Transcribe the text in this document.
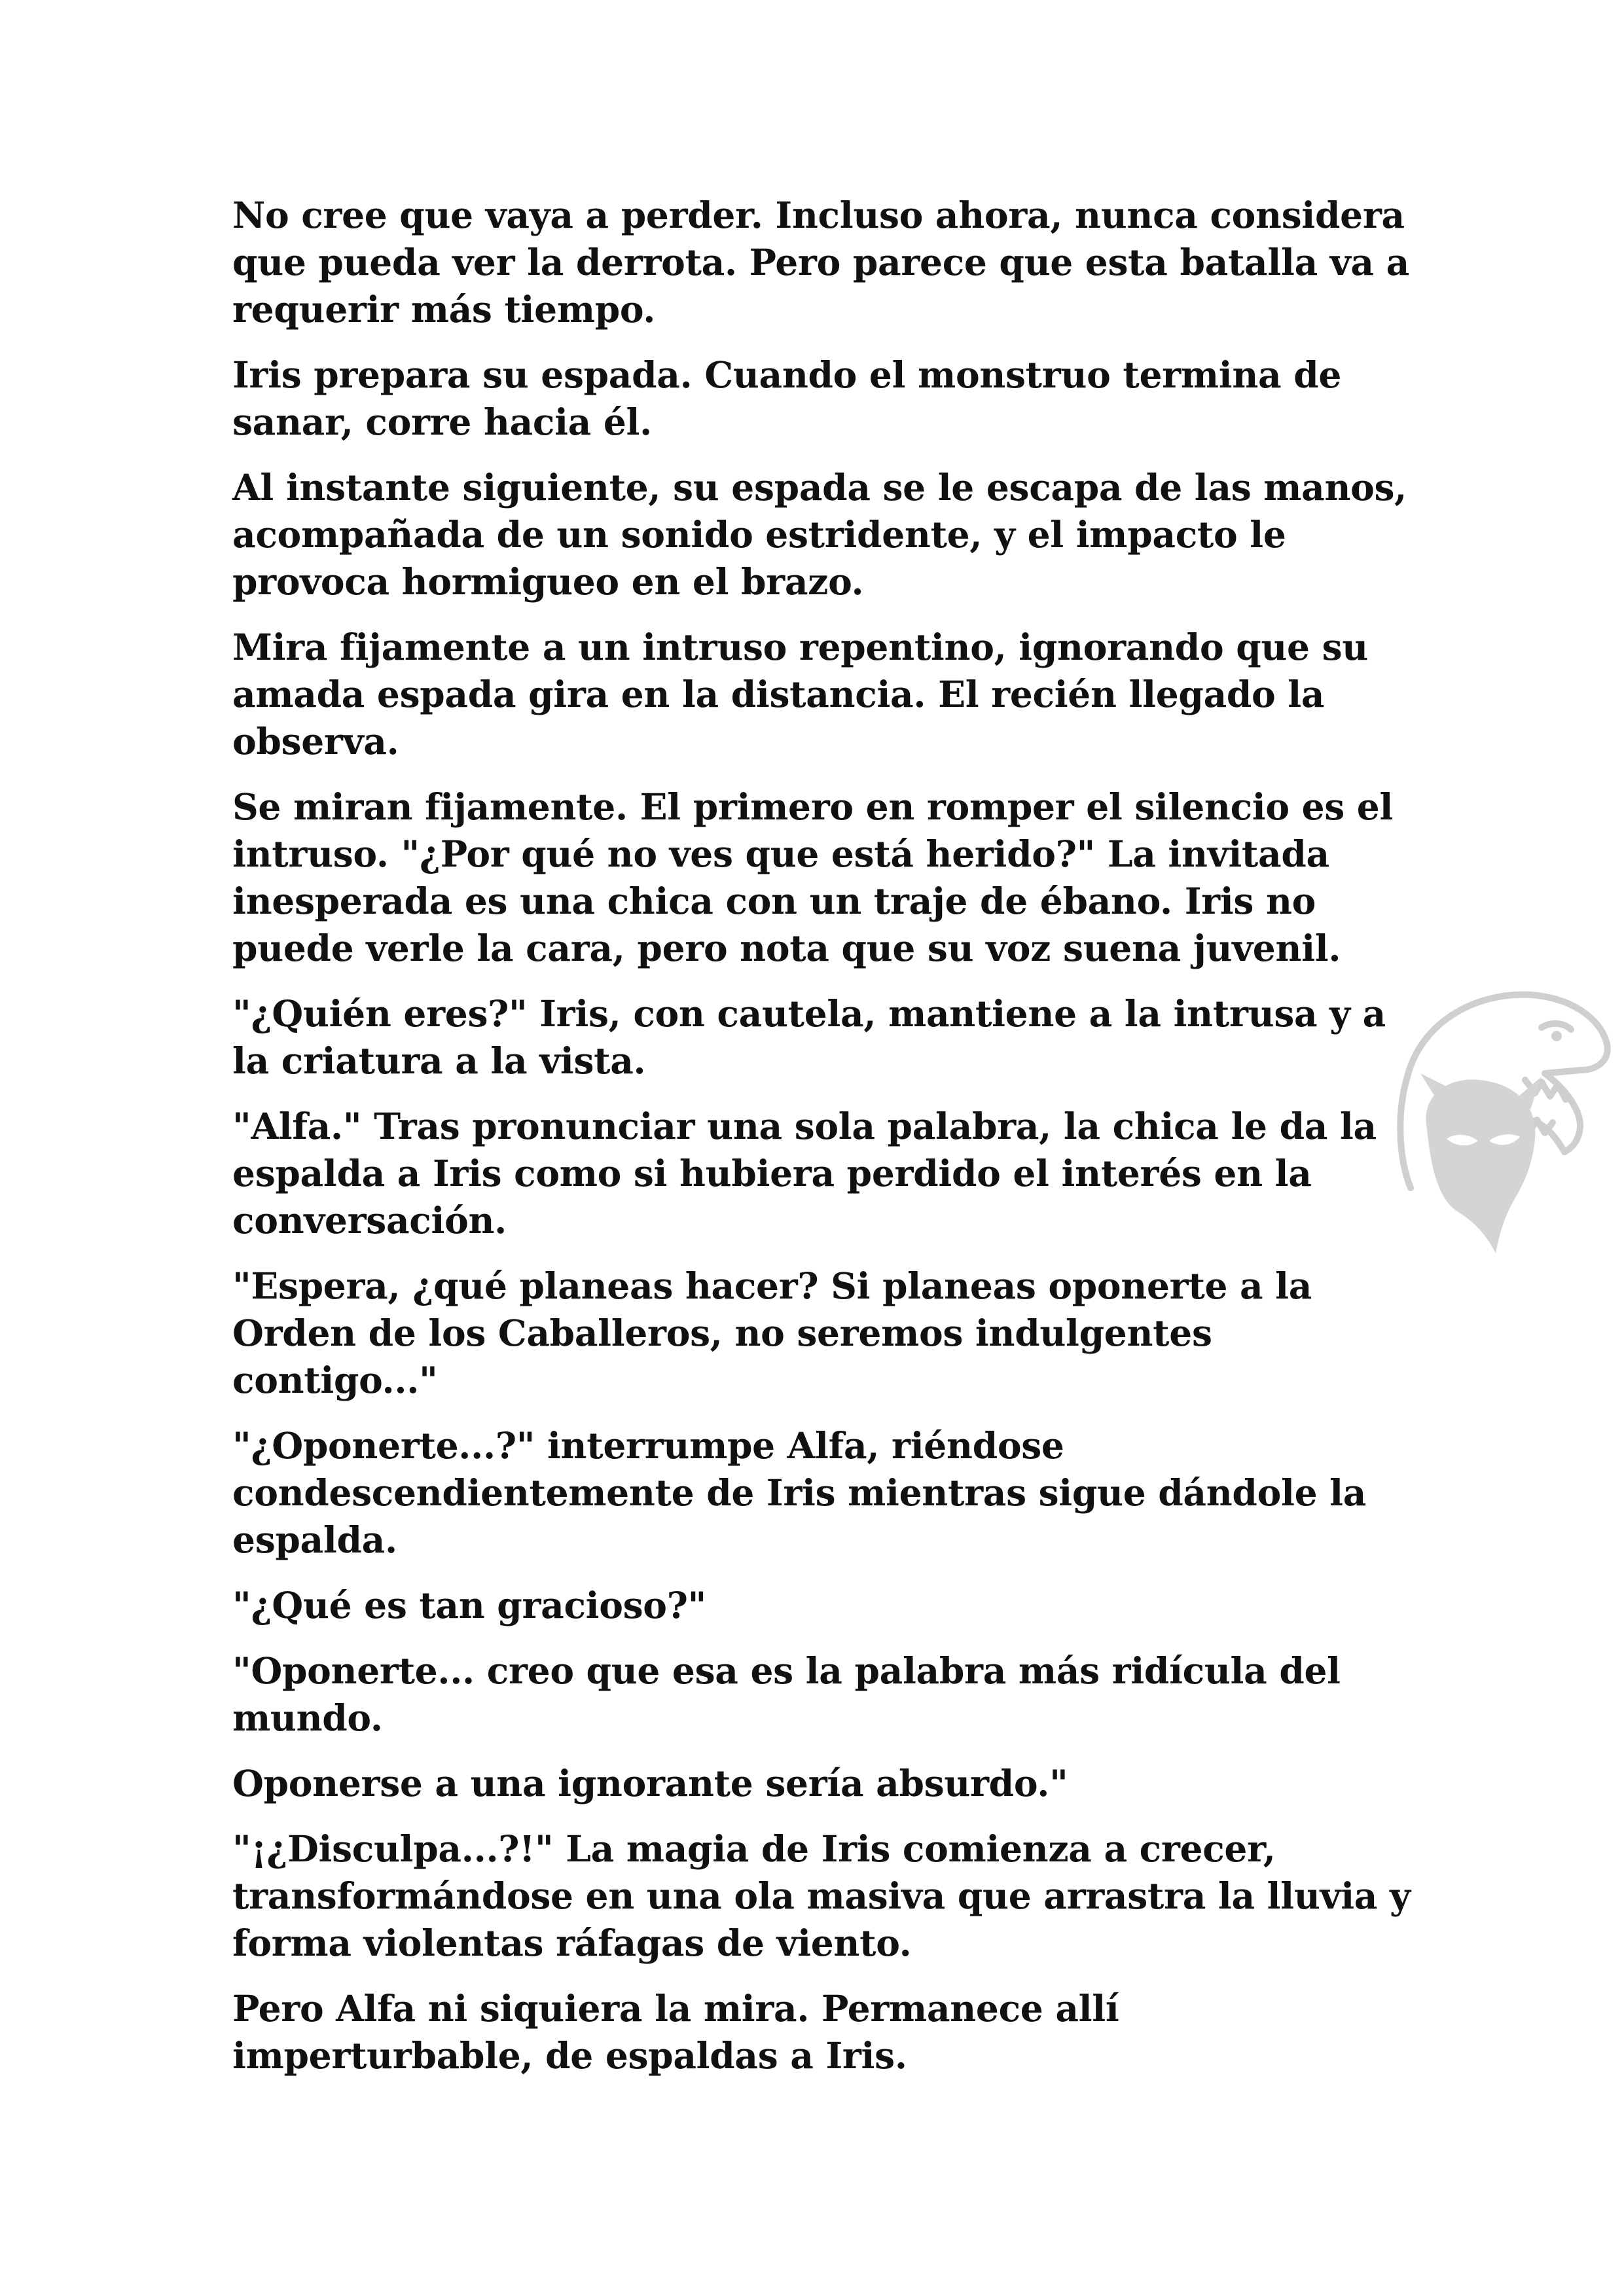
No cree que vaya a perder. Incluso ahora, nunca considera que pueda ver la derrota. Pero parece que esta batalla va a requerir más tiempo.

Iris prepara su espada. Cuando el monstruo termina de sanar, corre hacia él.

Al instante siguiente, su espada se le escapa de las manos, acompañada de un sonido estridente, y el impacto le provoca hormigueo en el brazo.

Mira fijamente a un intruso repentino, ignorando que su amada espada gira en la distancia. El recién llegado la observa.

Se miran fijamente. El primero en romper el silencio es el intruso. "¿Por qué no ves que está herido?" La invitada inesperada es una chica con un traje de ébano. Iris no puede verle la cara, pero nota que su voz suena juvenil.

"¿Quién eres?" Iris, con cautela, mantiene a la intrusa y a la criatura a la vista.

"Alfa." Tras pronunciar una sola palabra, la chica le da la espalda a Iris como si hubiera perdido el interés en la conversación.

"Espera, ¿qué planeas hacer? Si planeas oponerte a la Orden de los Caballeros, no seremos indulgentes contigo..."

"¿Oponerte...?" interrumpe Alfa, riéndose condescendientemente de Iris mientras sigue dándole la espalda.

"¿Qué es tan gracioso?"

"Oponerte... creo que esa es la palabra más ridícula del mundo.

Oponerse a una ignorante sería absurdo."

"¡¿Disculpa...?!" La magia de Iris comienza a crecer, transformándose en una ola masiva que arrastra la lluvia y forma violentas ráfagas de viento.

Pero Alfa ni siquiera la mira. Permanece allí imperturbable, de espaldas a Iris.
